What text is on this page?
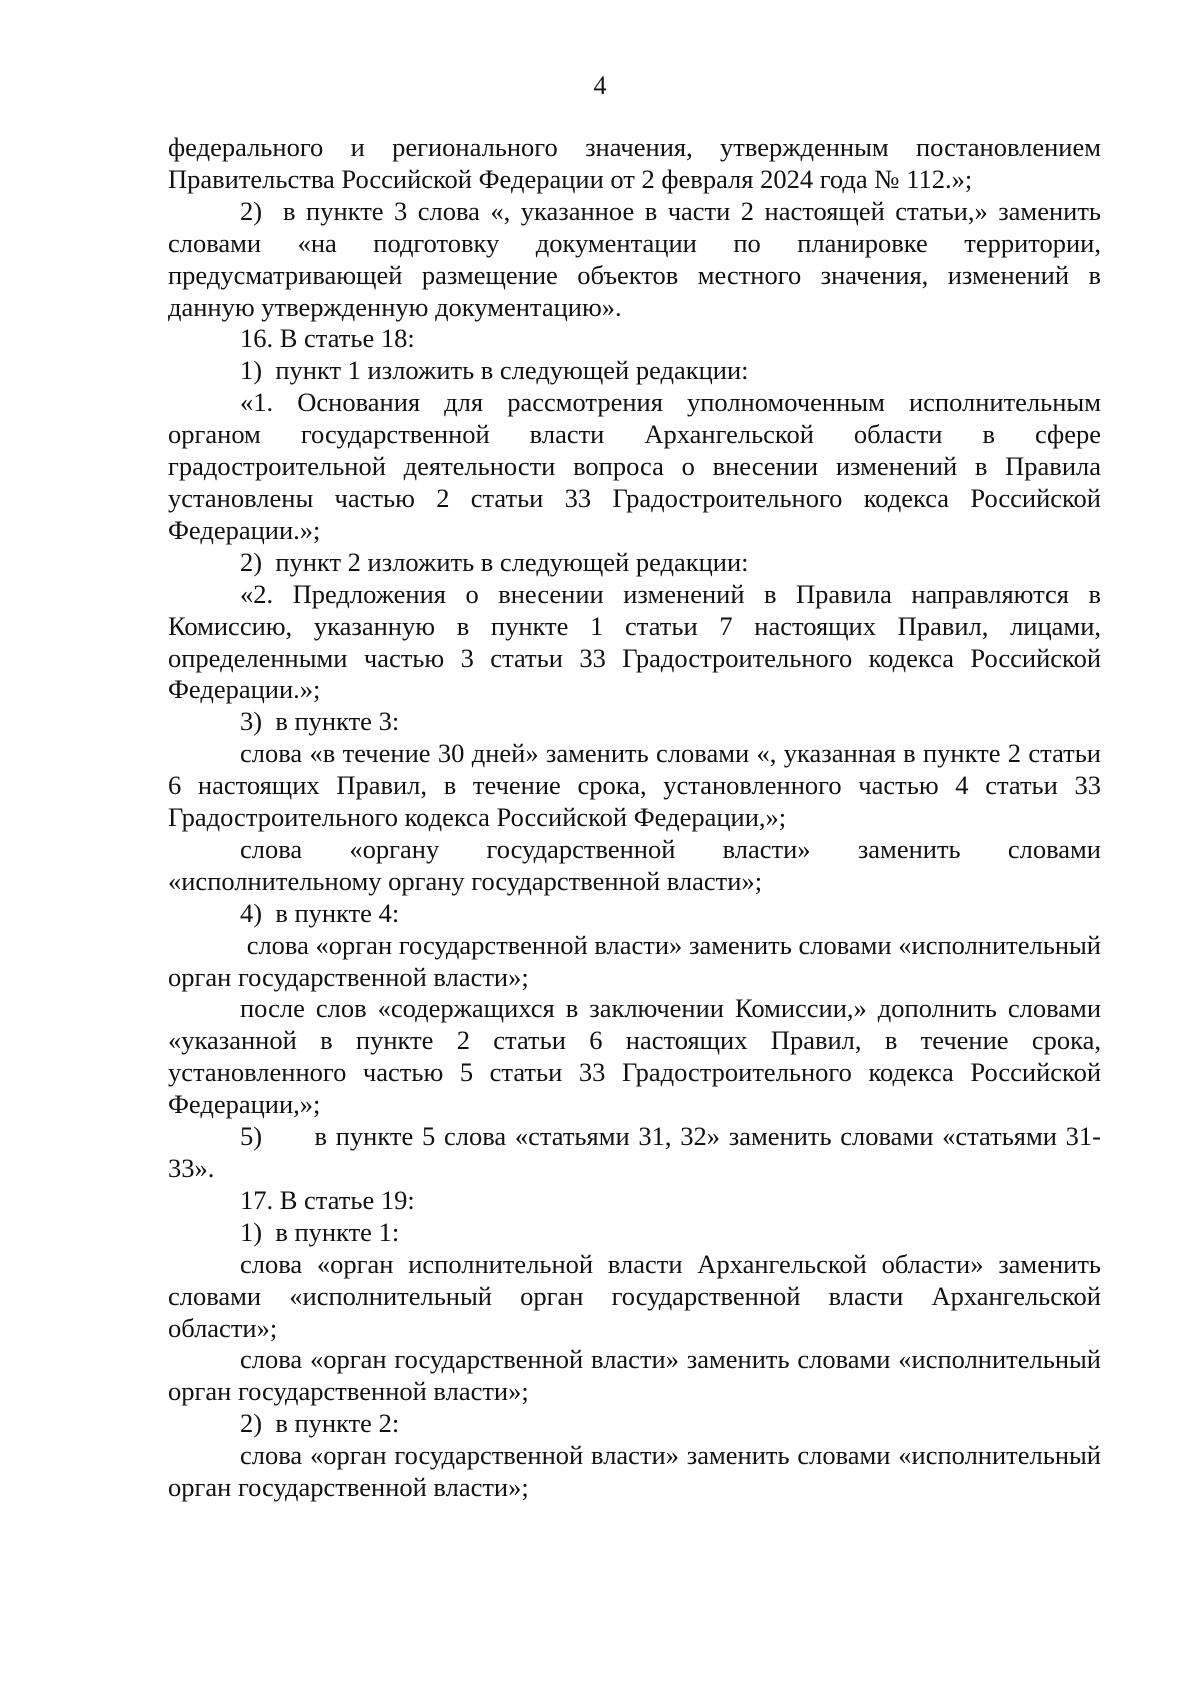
4

федерального и регионального значения, утвержденным постановлением Правительства Российской Федерации от 2 февраля 2024 года № 112.»;

2)  в пункте 3 слова «, указанное в части 2 настоящей статьи,» заменить словами «на подготовку документации по планировке территории, предусматривающей размещение объектов местного значения, изменений в данную утвержденную документацию».

16. В статье 18:

1)  пункт 1 изложить в следующей редакции:

«1. Основания для рассмотрения уполномоченным исполнительным органом государственной власти Архангельской области в сфере градостроительной деятельности вопроса о внесении изменений в Правила установлены частью 2 статьи 33 Градостроительного кодекса Российской Федерации.»;

2)  пункт 2 изложить в следующей редакции:

«2. Предложения о внесении изменений в Правила направляются в Комиссию, указанную в пункте 1 статьи 7 настоящих Правил, лицами, определенными частью 3 статьи 33 Градостроительного кодекса Российской Федерации.»;

3)  в пункте 3:

слова «в течение 30 дней» заменить словами «, указанная в пункте 2 статьи 6 настоящих Правил, в течение срока, установленного частью 4 статьи 33 Градостроительного кодекса Российской Федерации,»;

слова «органу государственной власти» заменить словами «исполнительному органу государственной власти»;

4)  в пункте 4:

слова «орган государственной власти» заменить словами «исполнительный орган государственной власти»;

после слов «содержащихся в заключении Комиссии,» дополнить словами «указанной в пункте 2 статьи 6 настоящих Правил, в течение срока, установленного частью 5 статьи 33 Градостроительного кодекса Российской Федерации,»;

5)      в пункте 5 слова «статьями 31, 32» заменить словами «статьями 31-33».

17. В статье 19:

1)  в пункте 1:

слова «орган исполнительной власти Архангельской области» заменить словами «исполнительный орган государственной власти Архангельской области»;

слова «орган государственной власти» заменить словами «исполнительный орган государственной власти»;

2)  в пункте 2:

слова «орган государственной власти» заменить словами «исполнительный орган государственной власти»;
